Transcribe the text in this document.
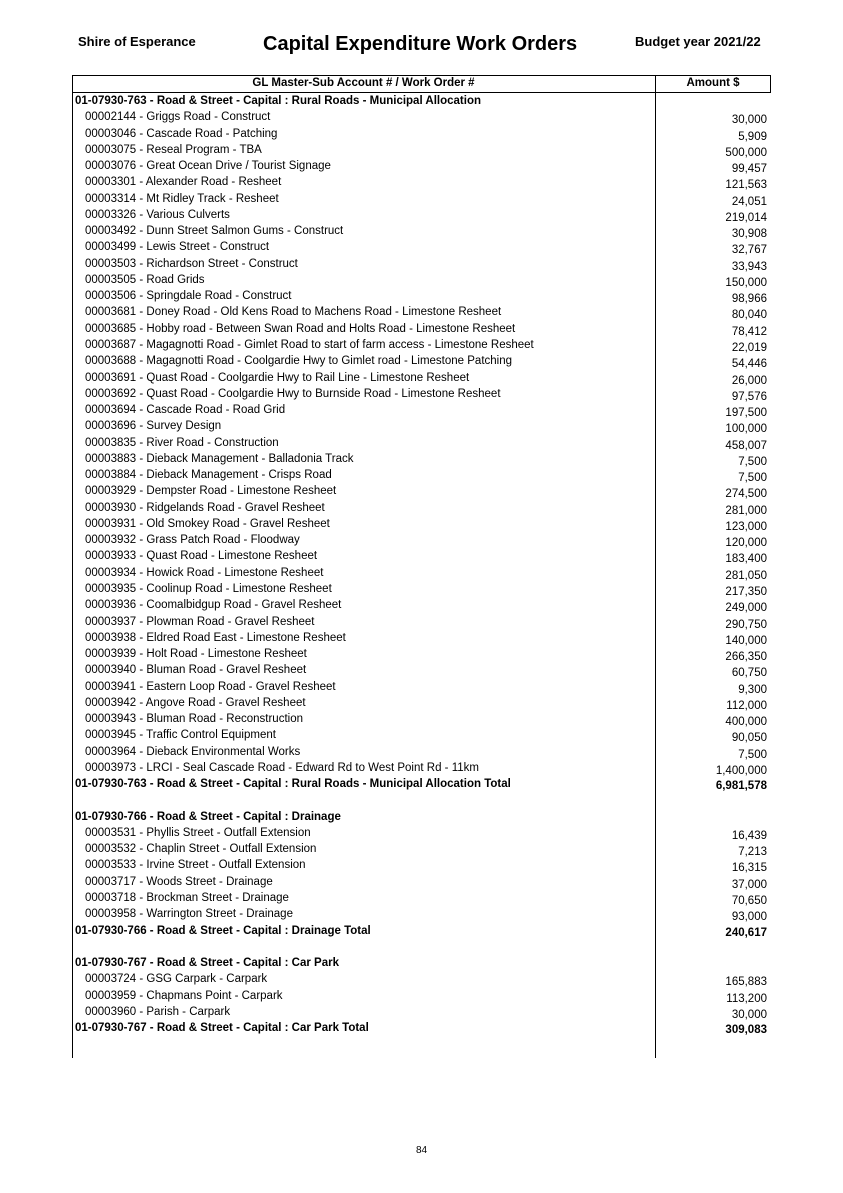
Shire of Esperance	Capital Expenditure Work Orders	Budget year 2021/22
GL Master-Sub Account # / Work Order #	Amount $
01-07930-763 - Road & Street - Capital : Rural Roads - Municipal Allocation
00002144 - Griggs Road - Construct	30,000
00003046 - Cascade Road - Patching	5,909
00003075 - Reseal Program - TBA	500,000
00003076 - Great Ocean Drive / Tourist Signage	99,457
00003301 - Alexander Road - Resheet	121,563
00003314 - Mt Ridley Track - Resheet	24,051
00003326 - Various Culverts	219,014
00003492 - Dunn Street Salmon Gums - Construct	30,908
00003499 - Lewis Street - Construct	32,767
00003503 - Richardson Street - Construct	33,943
00003505 - Road Grids	150,000
00003506 - Springdale Road - Construct	98,966
00003681 - Doney Road - Old Kens Road to Machens Road - Limestone Resheet	80,040
00003685 - Hobby road - Between Swan Road and Holts Road - Limestone Resheet	78,412
00003687 - Magagnotti Road - Gimlet Road to start of farm access - Limestone Resheet	22,019
00003688 - Magagnotti Road - Coolgardie Hwy to Gimlet road - Limestone Patching	54,446
00003691 - Quast Road - Coolgardie Hwy to Rail Line - Limestone Resheet	26,000
00003692 - Quast Road - Coolgardie Hwy to Burnside Road - Limestone Resheet	97,576
00003694 - Cascade Road - Road Grid	197,500
00003696 - Survey Design	100,000
00003835 - River Road - Construction	458,007
00003883 - Dieback Management - Balladonia Track	7,500
00003884 - Dieback Management - Crisps Road	7,500
00003929 - Dempster Road - Limestone Resheet	274,500
00003930 - Ridgelands Road - Gravel Resheet	281,000
00003931 - Old Smokey Road - Gravel Resheet	123,000
00003932 - Grass Patch Road - Floodway	120,000
00003933 - Quast Road - Limestone Resheet	183,400
00003934 - Howick Road - Limestone Resheet	281,050
00003935 - Coolinup Road - Limestone Resheet	217,350
00003936 - Coomalbidgup Road - Gravel Resheet	249,000
00003937 - Plowman Road - Gravel Resheet	290,750
00003938 - Eldred Road East - Limestone Resheet	140,000
00003939 - Holt Road - Limestone Resheet	266,350
00003940 - Bluman Road - Gravel Resheet	60,750
00003941 - Eastern Loop Road - Gravel Resheet	9,300
00003942 - Angove Road - Gravel Resheet	112,000
00003943 - Bluman Road - Reconstruction	400,000
00003945 - Traffic Control Equipment	90,050
00003964 - Dieback Environmental Works	7,500
00003973 - LRCI - Seal Cascade Road - Edward Rd to West Point Rd - 11km	1,400,000
01-07930-763 - Road & Street - Capital : Rural Roads - Municipal Allocation Total	6,981,578
01-07930-766 - Road & Street - Capital : Drainage
00003531 - Phyllis Street - Outfall Extension	16,439
00003532 - Chaplin Street - Outfall Extension	7,213
00003533 - Irvine Street - Outfall Extension	16,315
00003717 - Woods Street - Drainage	37,000
00003718 - Brockman Street - Drainage	70,650
00003958 - Warrington Street - Drainage	93,000
01-07930-766 - Road & Street - Capital : Drainage Total	240,617
01-07930-767 - Road & Street - Capital : Car Park
00003724 - GSG Carpark - Carpark	165,883
00003959 - Chapmans Point - Carpark	113,200
00003960 - Parish - Carpark	30,000
01-07930-767 - Road & Street - Capital : Car Park Total	309,083
84
